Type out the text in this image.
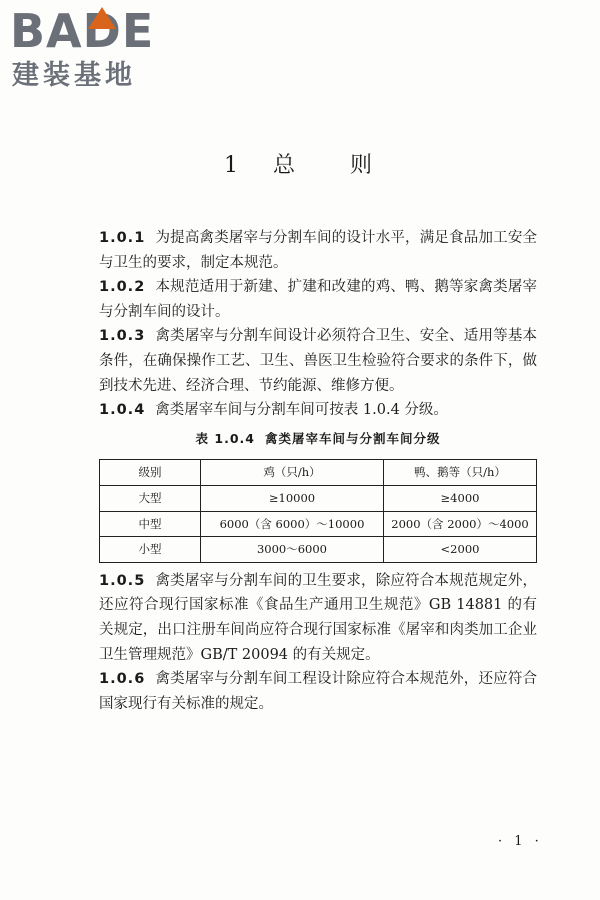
BADE
建装基地
1 总 则

1.0.1 为提高禽类屠宰与分割车间的设计水平，满足食品加工安全与卫生的要求，制定本规范。

1.0.2 本规范适用于新建、扩建和改建的鸡、鸭、鹅等家禽类屠宰与分割车间的设计。

1.0.3 禽类屠宰与分割车间设计必须符合卫生、安全、适用等基本条件，在确保操作工艺、卫生、兽医卫生检验符合要求的条件下，做到技术先进、经济合理、节约能源、维修方便。

1.0.4 禽类屠宰车间与分割车间可按表 1.0.4 分级。

表 1.0.4 禽类屠宰车间与分割车间分级
级别	鸡（只/h）	鸭、鹅等（只/h）
大型	≥10000	≥4000
中型	6000（含 6000）～10000	2000（含 2000）～4000
小型	3000～6000	<2000

1.0.5 禽类屠宰与分割车间的卫生要求，除应符合本规范规定外，还应符合现行国家标准《食品生产通用卫生规范》GB 14881 的有关规定，出口注册车间尚应符合现行国家标准《屠宰和肉类加工企业卫生管理规范》GB/T 20094 的有关规定。

1.0.6 禽类屠宰与分割车间工程设计除应符合本规范外，还应符合国家现行有关标准的规定。

· 1 ·
